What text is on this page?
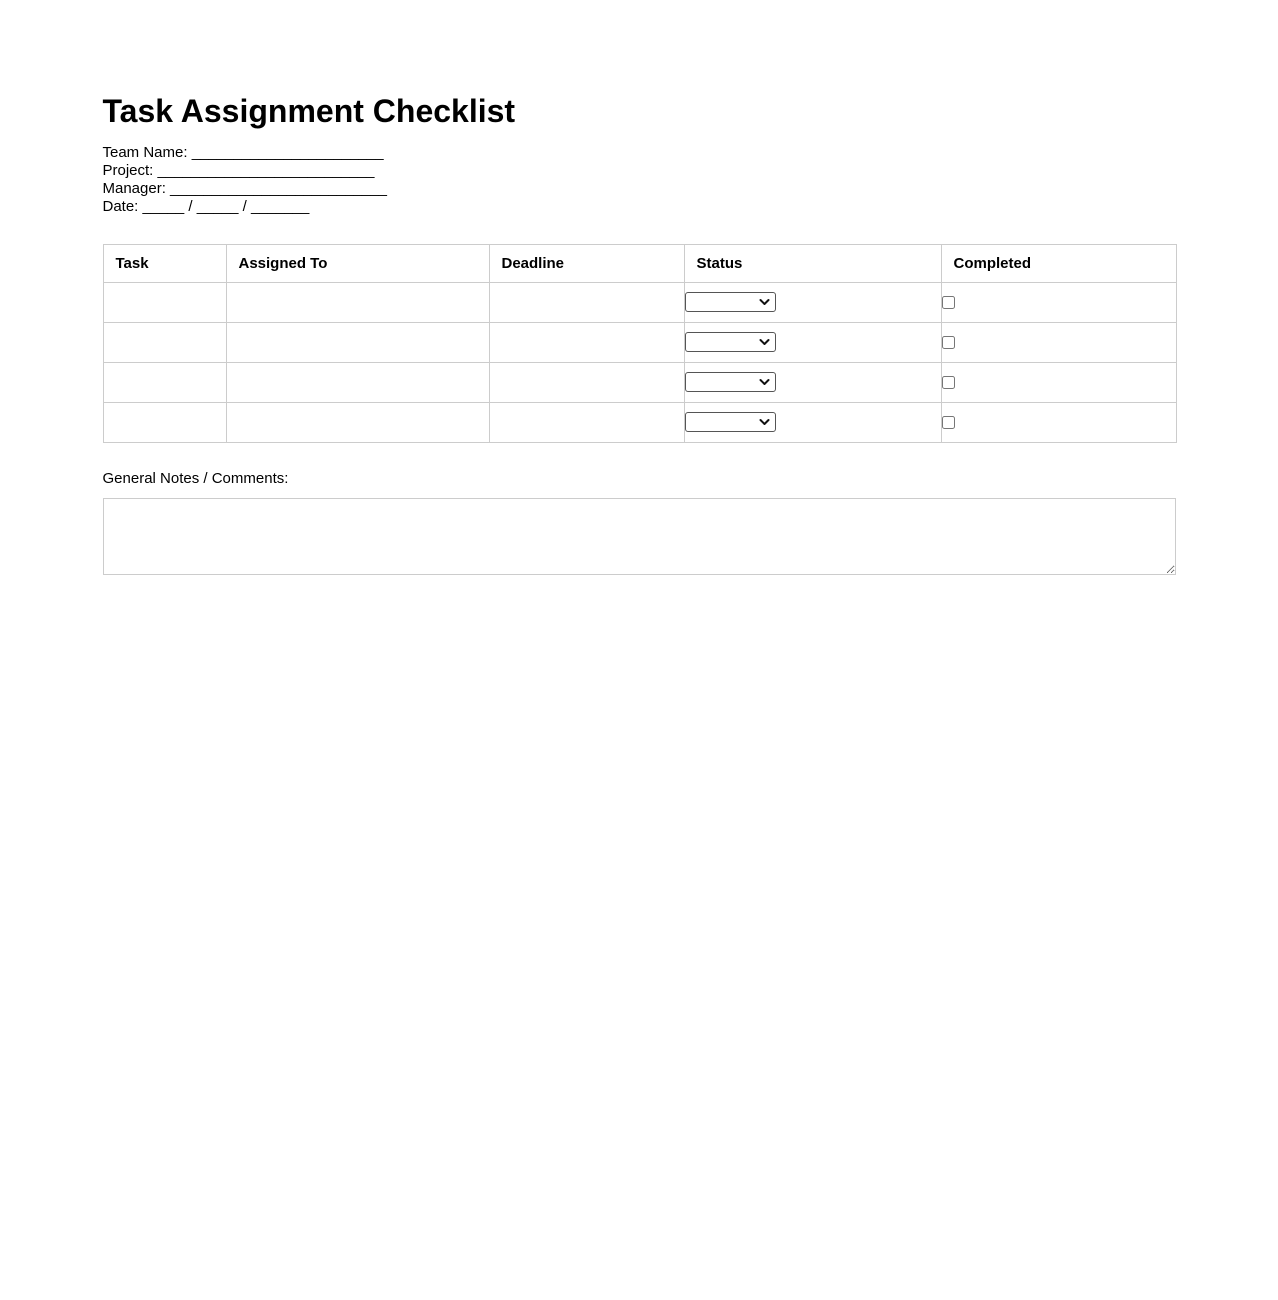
Task Assignment Checklist
Team Name: _______________________
Project: __________________________
Manager: __________________________
Date: _____ / _____ / _______
Task	Assigned To	Deadline	Status	Completed

General Notes / Comments:
